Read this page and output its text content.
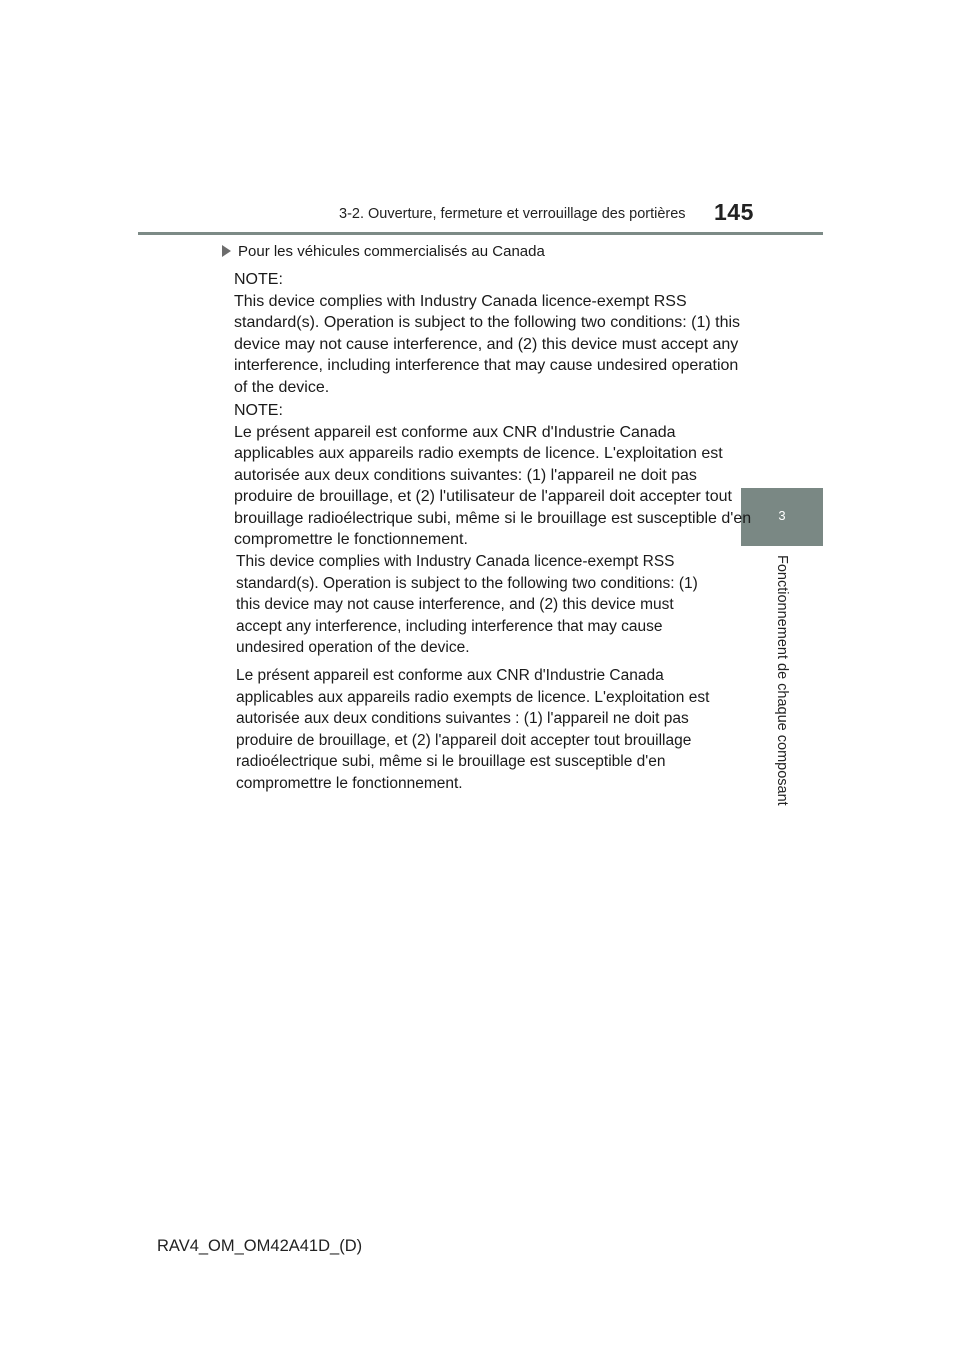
3-2. Ouverture, fermeture et verrouillage des portières 145
3
Fonctionnement de chaque composant
Pour les véhicules commercialisés au Canada
NOTE:
This device complies with Industry Canada licence-exempt RSS
standard(s). Operation is subject to the following two conditions: (1) this
device may not cause interference, and (2) this device must accept any
interference, including interference that may cause undesired operation
of the device.
NOTE:
Le présent appareil est conforme aux CNR d'Industrie Canada
applicables aux appareils radio exempts de licence. L'exploitation est
autorisée aux deux conditions suivantes: (1) l'appareil ne doit pas
produire de brouillage, et (2) l'utilisateur de l'appareil doit accepter tout
brouillage radioélectrique subi, même si le brouillage est susceptible d'en
compromettre le fonctionnement.
This device complies with Industry Canada licence-exempt RSS
standard(s). Operation is subject to the following two conditions: (1)
this device may not cause interference, and (2) this device must
accept any interference, including interference that may cause
undesired operation of the device.
Le présent appareil est conforme aux CNR d'Industrie Canada
applicables aux appareils radio exempts de licence. L'exploitation est
autorisée aux deux conditions suivantes : (1) l'appareil ne doit pas
produire de brouillage, et (2) l'appareil doit accepter tout brouillage
radioélectrique subi, même si le brouillage est susceptible d'en
compromettre le fonctionnement.
RAV4_OM_OM42A41D_(D)
